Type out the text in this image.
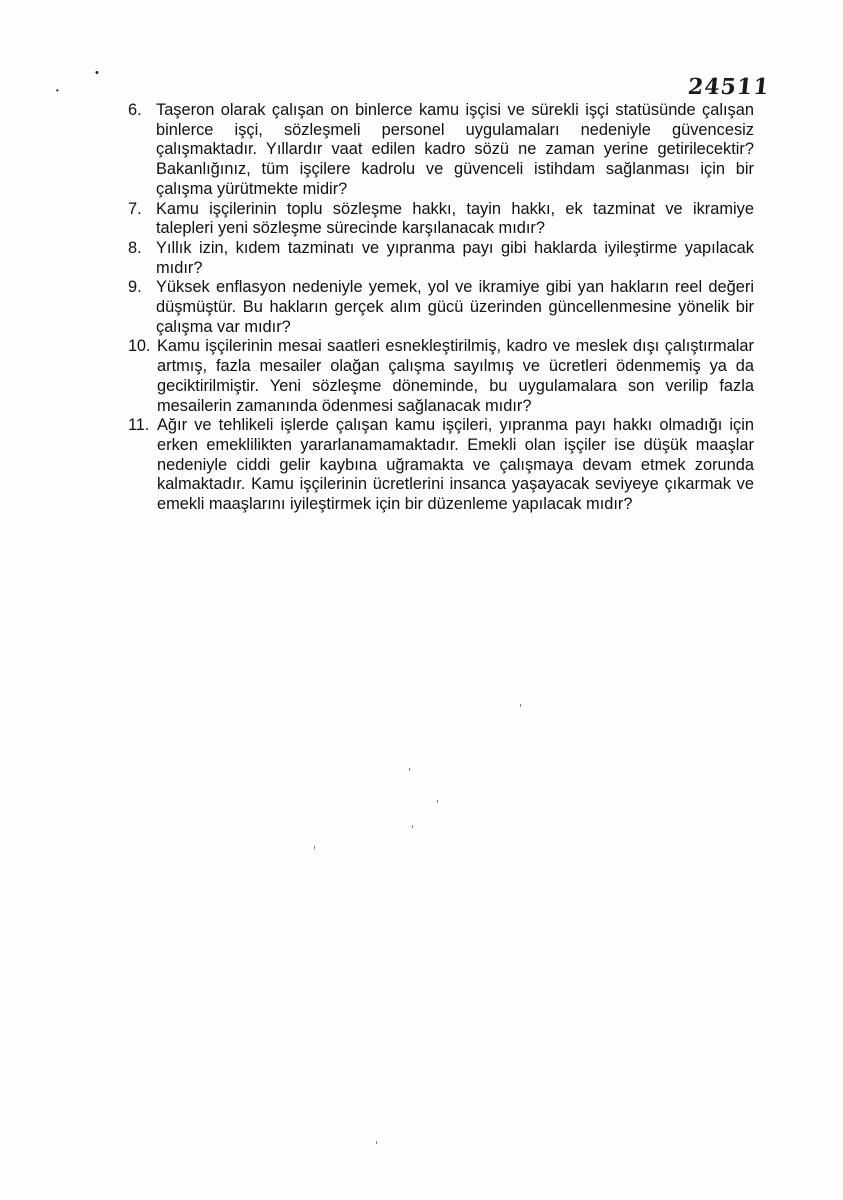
24511
•
•
6. Taşeron olarak çalışan on binlerce kamu işçisi ve sürekli işçi statüsünde çalışan binlerce işçi, sözleşmeli personel uygulamaları nedeniyle güvencesiz çalışmaktadır. Yıllardır vaat edilen kadro sözü ne zaman yerine getirilecektir? Bakanlığınız, tüm işçilere kadrolu ve güvenceli istihdam sağlanması için bir çalışma yürütmekte midir?
7. Kamu işçilerinin toplu sözleşme hakkı, tayin hakkı, ek tazminat ve ikramiye talepleri yeni sözleşme sürecinde karşılanacak mıdır?
8. Yıllık izin, kıdem tazminatı ve yıpranma payı gibi haklarda iyileştirme yapılacak mıdır?
9. Yüksek enflasyon nedeniyle yemek, yol ve ikramiye gibi yan hakların reel değeri düşmüştür. Bu hakların gerçek alım gücü üzerinden güncellenmesine yönelik bir çalışma var mıdır?
10. Kamu işçilerinin mesai saatleri esnekleştirilmiş, kadro ve meslek dışı çalıştırmalar artmış, fazla mesailer olağan çalışma sayılmış ve ücretleri ödenmemiş ya da geciktirilmiştir. Yeni sözleşme döneminde, bu uygulamalara son verilip fazla mesailerin zamanında ödenmesi sağlanacak mıdır?
11. Ağır ve tehlikeli işlerde çalışan kamu işçileri, yıpranma payı hakkı olmadığı için erken emeklilikten yararlanamamaktadır. Emekli olan işçiler ise düşük maaşlar nedeniyle ciddi gelir kaybına uğramakta ve çalışmaya devam etmek zorunda kalmaktadır. Kamu işçilerinin ücretlerini insanca yaşayacak seviyeye çıkarmak ve emekli maaşlarını iyileştirmek için bir düzenleme yapılacak mıdır?
